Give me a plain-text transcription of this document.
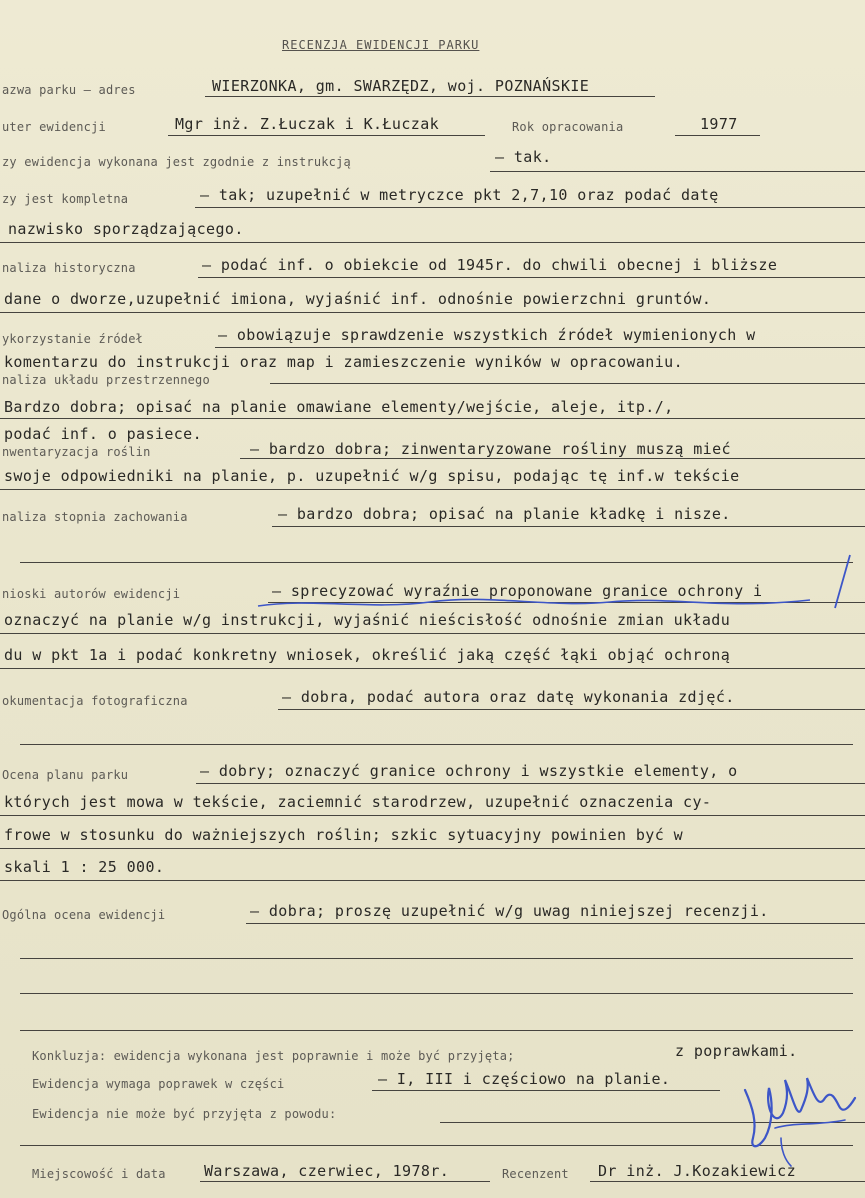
RECENZJA EWIDENCJI PARKU
azwa parku – adres	WIERZONKA, gm. SWARZĘDZ, woj. POZNAŃSKIE
uter ewidencji	Mgr inż. Z.Łuczak i K.Łuczak	Rok opracowania	1977
zy ewidencja wykonana jest zgodnie z instrukcją	– tak.
zy jest kompletna	– tak; uzupełnić w metryczce pkt 2,7,10 oraz podać datę
nazwisko sporządzającego.
naliza historyczna	– podać inf. o obiekcie od 1945r. do chwili obecnej i bliższe
dane o dworze,uzupełnić imiona, wyjaśnić inf. odnośnie powierzchni gruntów.
ykorzystanie źródeł	– obowiązuje sprawdzenie wszystkich źródeł wymienionych w
komentarzu do instrukcji oraz map i zamieszczenie wyników w opracowaniu.
naliza układu przestrzennego
Bardzo dobra; opisać na planie omawiane elementy/wejście, aleje, itp./,
podać inf. o pasiece.
nwentaryzacja roślin	– bardzo dobra; zinwentaryzowane rośliny muszą mieć
swoje odpowiedniki na planie, p. uzupełnić w/g spisu, podając tę inf.w tekście
naliza stopnia zachowania	– bardzo dobra; opisać na planie kładkę i nisze.
nioski autorów ewidencji	– sprecyzować wyraźnie proponowane granice ochrony i
oznaczyć na planie w/g instrukcji, wyjaśnić nieścisłość odnośnie zmian układu
du w pkt 1a i podać konkretny wniosek, określić jaką część łąki objąć ochroną
okumentacja fotograficzna	– dobra, podać autora oraz datę wykonania zdjęć.
Ocena planu parku	– dobry; oznaczyć granice ochrony i wszystkie elementy, o
których jest mowa w tekście, zaciemnić starodrzew, uzupełnić oznaczenia cy-
frowe w stosunku do ważniejszych roślin; szkic sytuacyjny powinien być w
skali 1 : 25 000.
Ogólna ocena ewidencji	– dobra; proszę uzupełnić w/g uwag niniejszej recenzji.
Konkluzja: ewidencja wykonana jest poprawnie i może być przyjęta;	z poprawkami.
Ewidencja wymaga poprawek w części	– I, III i częściowo na planie.
Ewidencja nie może być przyjęta z powodu:
Miejscowość i data	Warszawa, czerwiec, 1978r.	Recenzent Dr inż. J.Kozakiewicz
